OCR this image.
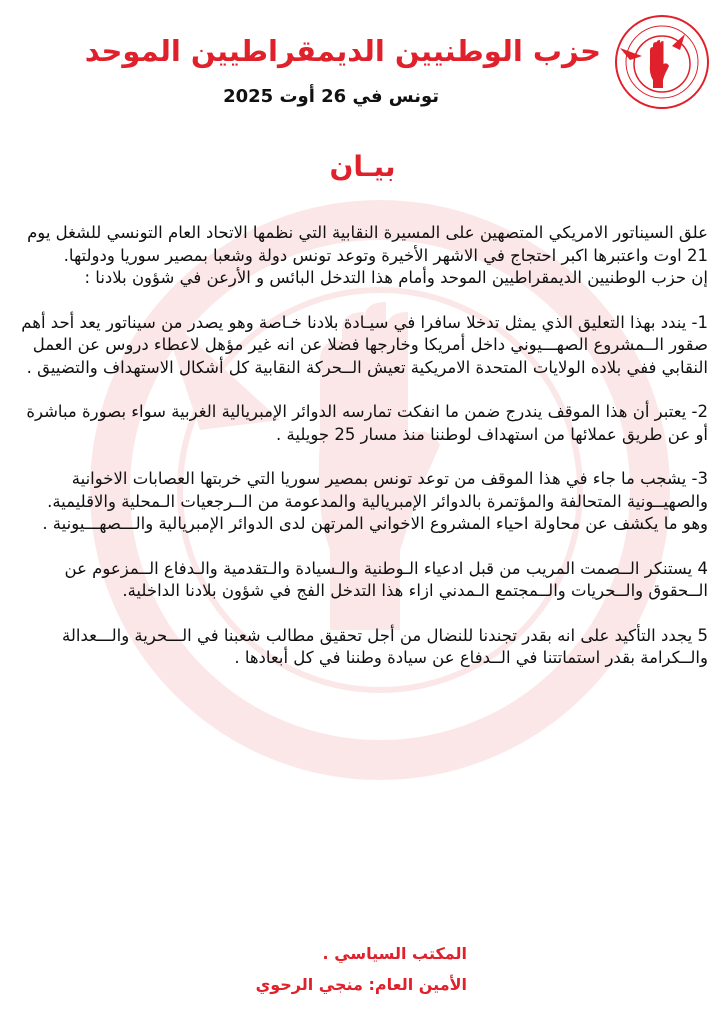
حزب الوطنيين الديمقراطيين الموحد
تونس في 26 أوت 2025
بيـان

علق السيناتور الامريكي المتصهين على المسيرة النقابية التي نظمها الاتحاد العام التونسي للشغل يوم 21 اوت واعتبرها اكبر احتجاج في الاشهر الأخيرة وتوعد تونس دولة وشعبا بمصير سوريا ودولتها.

إن حزب الوطنيين الديمقراطيين الموحد وأمام هذا التدخل البائس و الأرعن في شؤون بلادنا :

1- يندد بهذا التعليق الذي يمثل تدخلا سافرا في سيـادة بلادنا خـاصة وهو يصدر من سيناتور يعد أحد أهم صقور الــمشروع الصهـــيوني داخل أمريكا وخارجها فضلا عن انه غير مؤهل لاعطاء دروس عن العمل النقابي ففي بلاده الولايات المتحدة الامريكية تعيش الــحركة النقابية كل أشكال الاستهداف والتضييق .

2- يعتبر أن هذا الموقف يندرج ضمن ما انفكت تمارسه الدوائر الإمبريالية الغربية سواء بصورة مباشرة أو عن طريق عملائها من استهداف لوطننا منذ مسار 25 جويلية .

3- يشجب ما جاء في هذا الموقف من توعد تونس بمصير سوريا التي خربتها العصابات الاخوانية والصهيــونية المتحالفة والمؤتمرة بالدوائر الإمبريالية والمدعومة من الــرجعيات الـمحلية والاقليمية. وهو ما يكشف عن محاولة احياء المشروع الاخواني المرتهن لدى الدوائر الإمبريالية والـــصهـــيونية .

4 يستنكر الــصمت المريب من قبل ادعياء الـوطنية والـسيادة والـتقدمية والـدفاع الــمزعوم عن الــحقوق والــحريات والــمجتمع الـمدني ازاء هذا التدخل الفج في شؤون بلادنا الداخلية.

5 يجدد التأكيد على انه بقدر تجندنا للنضال من أجل تحقيق مطالب شعبنا في الـــحرية والـــعدالة والــكرامة بقدر استماتتنا في الــدفاع عن سيادة وطننا في كل أبعادها .

المكتب السياسي .
الأمين العام: منجي الرحوي
